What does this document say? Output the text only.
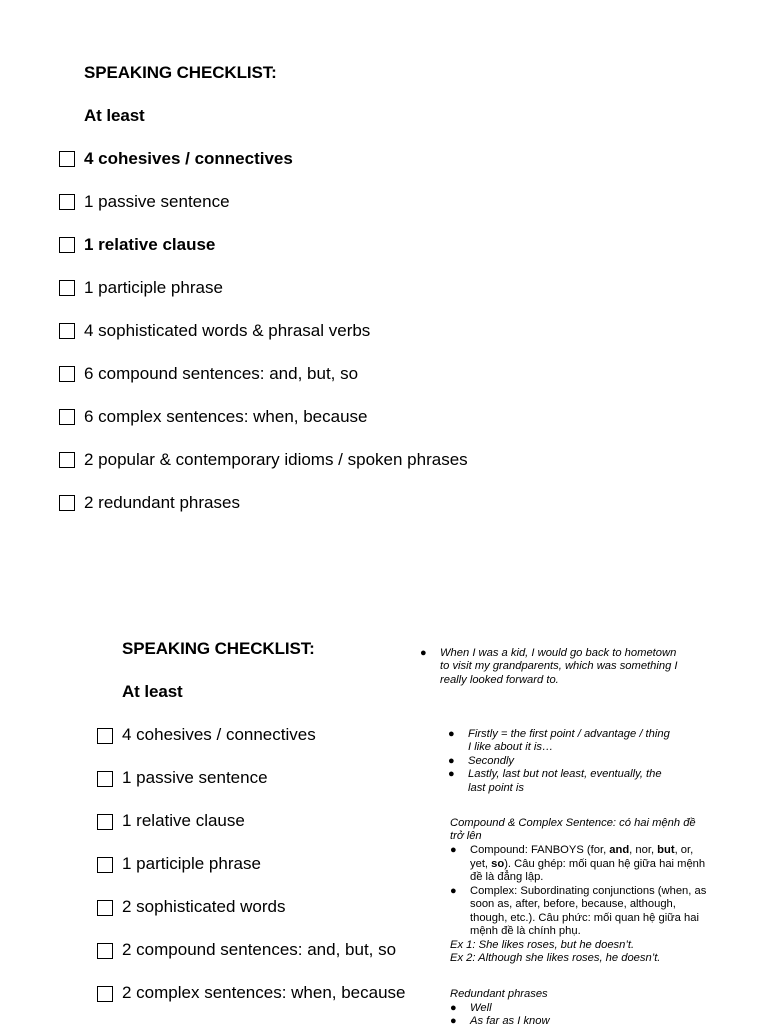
SPEAKING CHECKLIST:
At least
4 cohesives / connectives
1 passive sentence
1 relative clause
1 participle phrase
4 sophisticated words & phrasal verbs
6 compound sentences: and, but, so
6 complex sentences: when, because
2 popular & contemporary idioms / spoken phrases
2 redundant phrases
SPEAKING CHECKLIST:
At least
4 cohesives / connectives
1 passive sentence
1 relative clause
1 participle phrase
2 sophisticated words
2 compound sentences: and, but, so
2 complex sentences: when, because
● When I was a kid, I would go back to hometown
to visit my grandparents, which was something I
really looked forward to.
● Firstly = the first point / advantage / thing
I like about it is…
● Secondly
● Lastly, last but not least, eventually, the
last point is
Compound & Complex Sentence: có hai mệnh đề
trở lên
● Compound: FANBOYS (for, and, nor, but, or,
yet, so). Câu ghép: mối quan hệ giữa hai mệnh
đề là đẳng lập.
● Complex: Subordinating conjunctions (when, as
soon as, after, before, because, although,
though, etc.). Câu phức: mối quan hệ giữa hai
mệnh đề là chính phụ.
Ex 1: She likes roses, but he doesn’t.
Ex 2: Although she likes roses, he doesn’t.
Redundant phrases
● Well
● As far as I know
